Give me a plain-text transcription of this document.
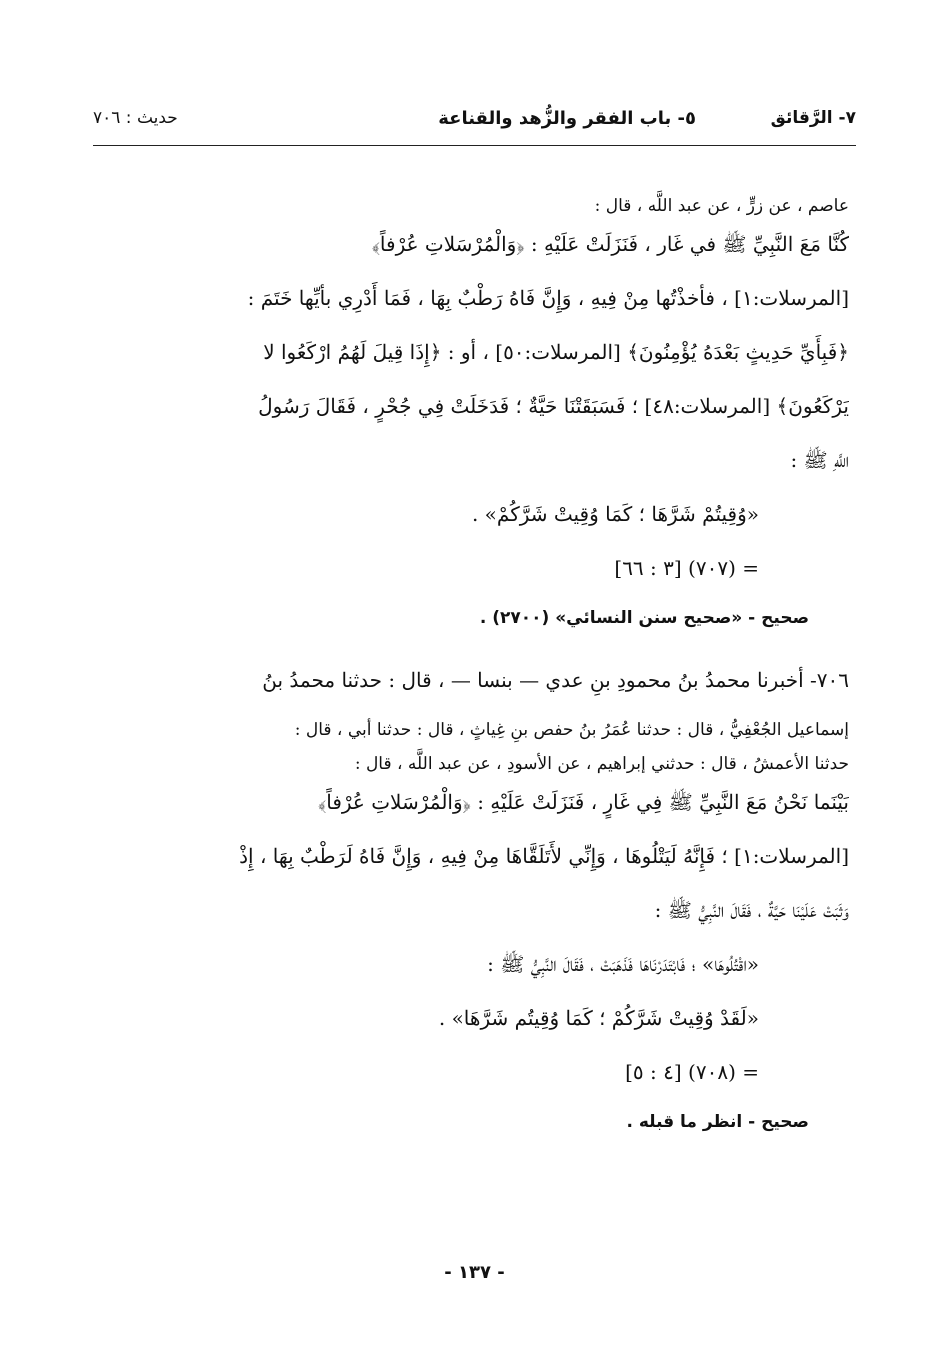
٧- الرَّقائق
٥- باب الفقر والزُّهد والقناعة
حديث : ٧٠٦
عاصم ، عن زرٍّ ، عن عبد اللَّه ، قال :
كُنَّا مَعَ النَّبِيِّ ﷺ في غَار ، فَنَزَلَتْ عَلَيْهِ : ﴿وَالْمُرْسَلاتِ عُرْفاً﴾
[المرسلات:١] ، فأخذْتُها مِنْ فِيهِ ، وَإِنَّ فَاهُ رَطْبٌ بِهَا ، فَمَا أَدْرِي بأيِّها خَتَمَ :
﴿فَبِأَيِّ حَدِيثٍ بَعْدَهُ يُؤْمِنُونَ﴾ [المرسلات:٥٠] ، أو : ﴿إِذَا قِيلَ لَهُمُ ارْكَعُوا لا
يَرْكَعُونَ﴾ [المرسلات:٤٨] ؛ فَسَبَقَتْنَا حَيَّةٌ ؛ فَدَخَلَتْ فِي جُحْرٍ ، فَقَالَ رَسُولُ
اللَّهِ ﷺ :
«وُقِيتُمْ شَرَّهَا ؛ كَمَا وُقِيتْ شَرَّكُمْ» .
= (٧٠٧) [٣ : ٦٦]
صحيح - «صحيح سنن النسائي» (٢٧٠٠) .
٧٠٦- أخبرنا محمدُ بنُ محمودِ بنِ عدي — بنسا — ، قال : حدثنا محمدُ بنُ
إسماعيل الجُعْفِيُّ ، قال : حدثنا عُمَرُ بنُ حفص بنِ غِياثٍ ، قال : حدثنا أبي ، قال :
حدثنا الأعمشُ ، قال : حدثني إبراهيم ، عن الأسودِ ، عن عبد اللَّه ، قال :
بَيْنَما نَحْنُ مَعَ النَّبِيِّ ﷺ فِي غَارٍ ، فَنَزَلَتْ عَلَيْهِ : ﴿وَالْمُرْسَلاتِ عُرْفاً﴾
[المرسلات:١] ؛ فَإِنَّهُ لَيَتْلُوهَا ، وَإِنِّي لأَتَلَقَّاهَا مِنْ فِيهِ ، وَإِنَّ فَاهُ لَرَطْبٌ بِهَا ، إِذْ
وَثَبَتْ عَلَيْنَا حَيَّةٌ ، فَقَالَ النَّبِيُّ ﷺ :
«اقْتُلُوهَا» ؛ فَابْتَدَرْنَاهَا فَذَهَبَتْ ، فَقَالَ النَّبِيُّ ﷺ :
«لَقَدْ وُقِيتْ شَرَّكُمْ ؛ كَمَا وُقِيتُم شَرَّهَا» .
= (٧٠٨) [٤ : ٥]
صحيح - انظر ما قبله .
- ١٣٧ -
